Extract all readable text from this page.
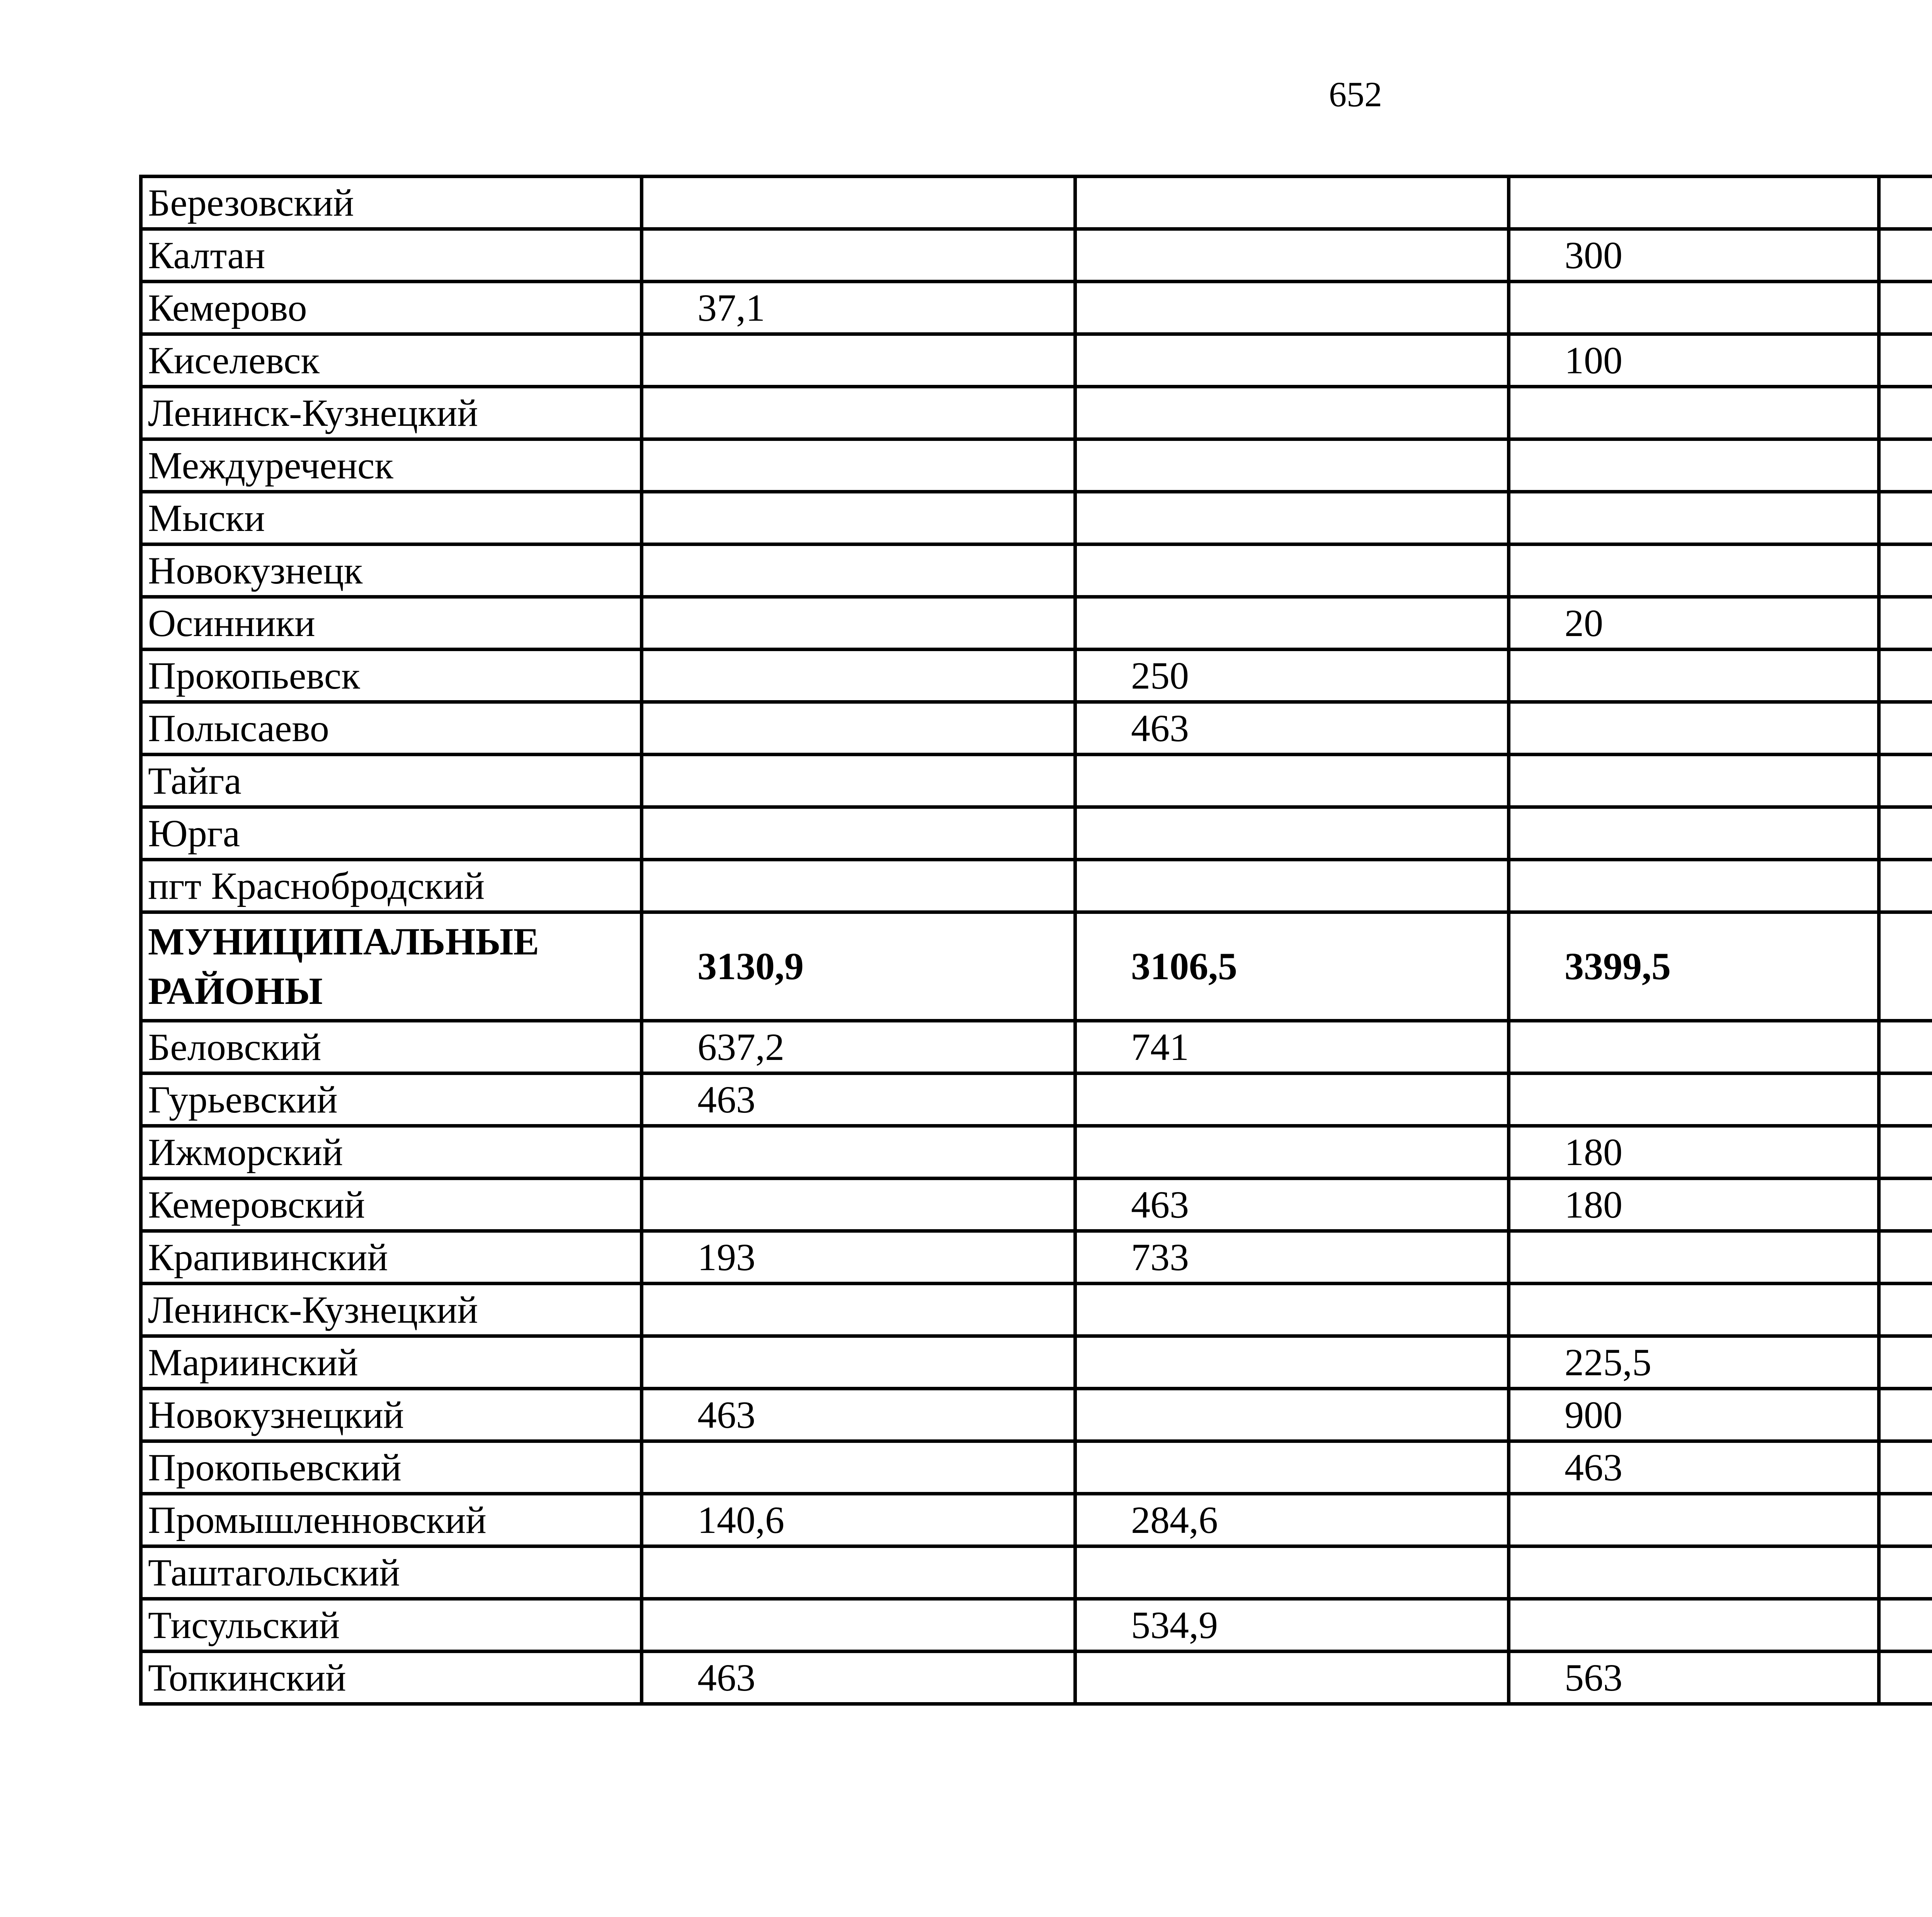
652
Березовский						
Калтан			300			
Кемерово	37,1					
Киселевск			100			
Ленинск-Кузнецкий						
Междуреченск						
Мыски						
Новокузнецк						
Осинники			20			
Прокопьевск		250				
Полысаево		463				
Тайга						
Юрга						
пгт Краснобродский						
МУНИЦИПАЛЬНЫЕ РАЙОНЫ	3130,9	3106,5	3399,5			
Беловский	637,2	741				
Гурьевский	463					
Ижморский			180			
Кемеровский		463	180			
Крапивинский	193	733				
Ленинск-Кузнецкий						
Мариинский			225,5			
Новокузнецкий	463		900			
Прокопьевский			463			
Промышленновский	140,6	284,6				
Таштагольский						
Тисульский		534,9				
Топкинский	463		563			
